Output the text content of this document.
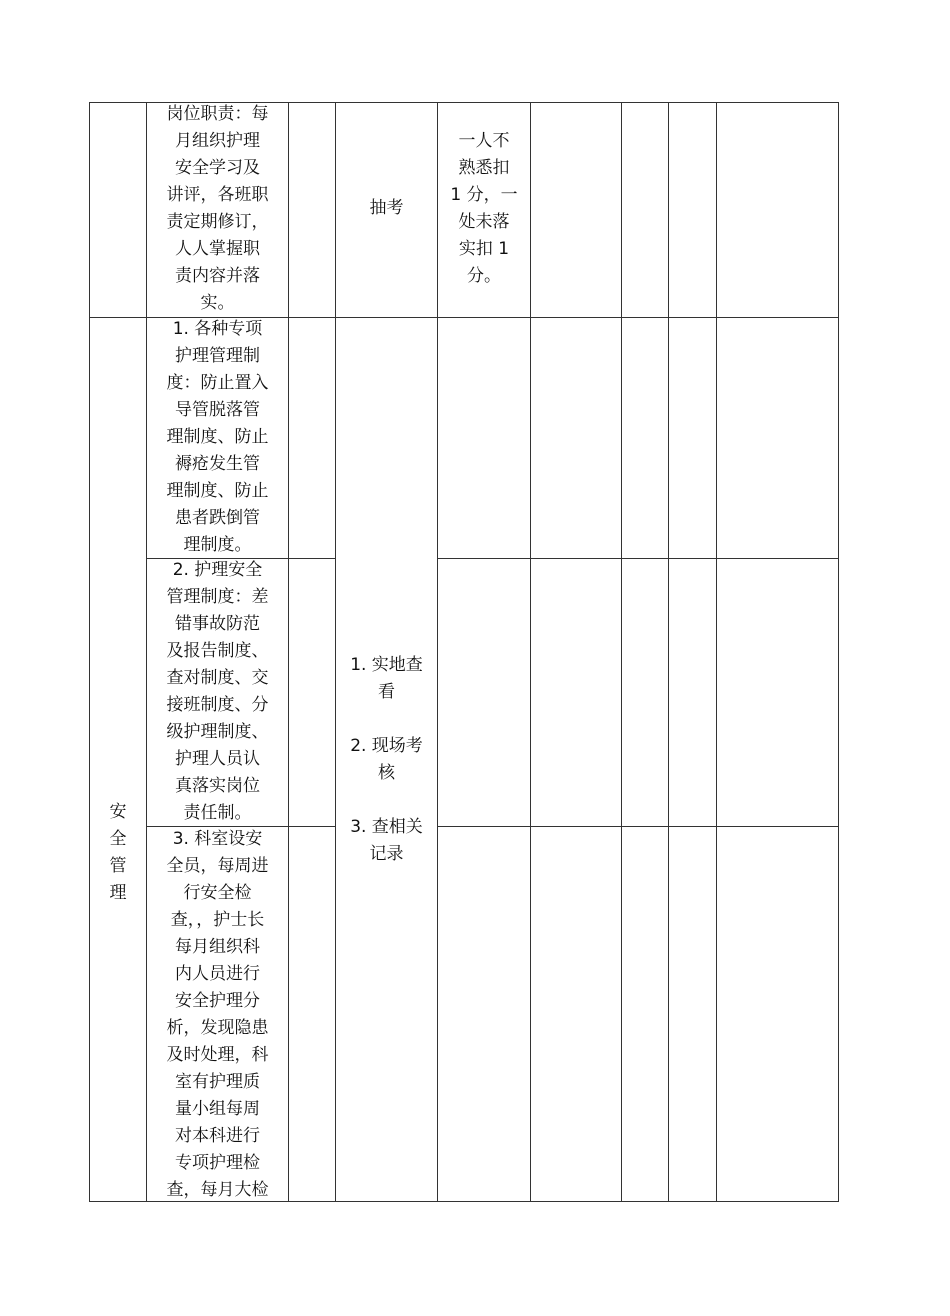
岗位职责：每
月组织护理
安全学习及
讲评，各班职
责定期修订，
人人掌握职
责内容并落
实。
抽考
一人不
熟悉扣
1 分，一
处未落
实扣 1
分。
安
全
管
理
1. 实地查
看

2. 现场考
核

3. 查相关
记录
1. 各种专项
护理管理制
度：防止置入
导管脱落管
理制度、防止
褥疮发生管
理制度、防止
患者跌倒管
理制度。
2. 护理安全
管理制度：差
错事故防范
及报告制度、
查对制度、交
接班制度、分
级护理制度、
护理人员认
真落实岗位
责任制。
3. 科室设安
全员，每周进
行安全检
查，，护士长
每月组织科
内人员进行
安全护理分
析，发现隐患
及时处理，科
室有护理质
量小组每周
对本科进行
专项护理检
查，每月大检
